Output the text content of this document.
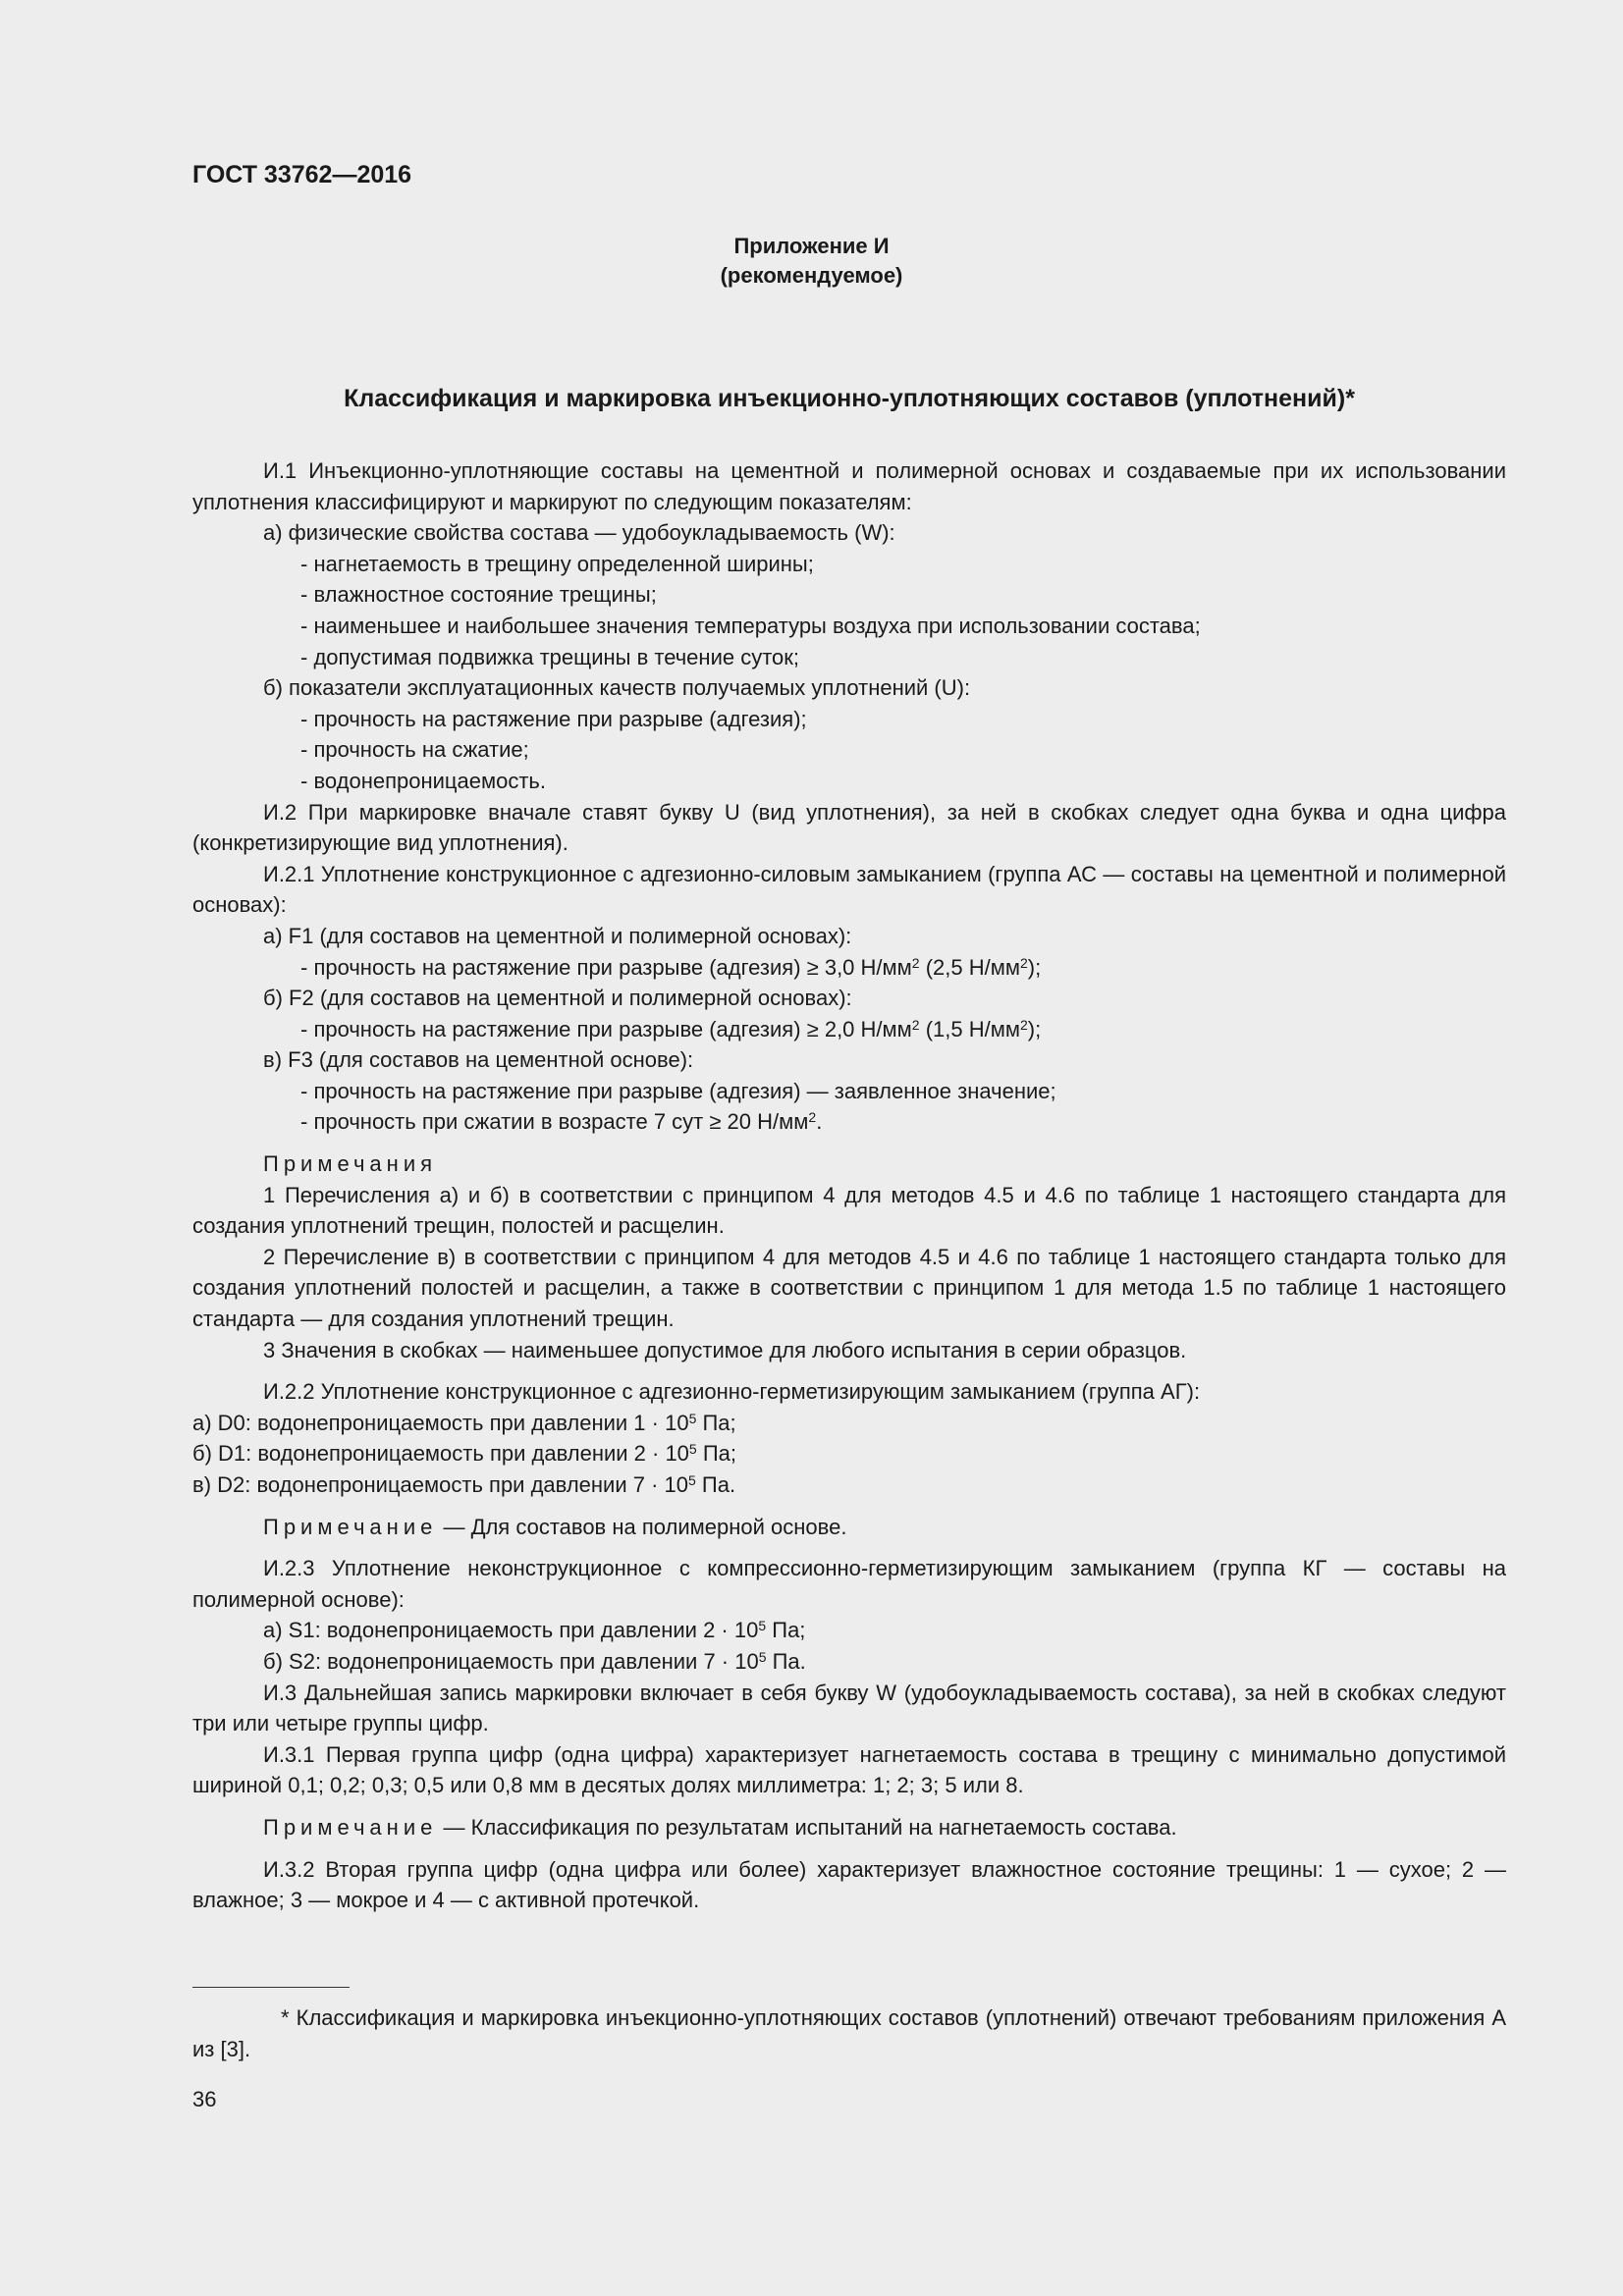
ГОСТ 33762—2016
Приложение И
(рекомендуемое)
Классификация и маркировка инъекционно-уплотняющих составов (уплотнений)*

И.1 Инъекционно-уплотняющие составы на цементной и полимерной основах и создаваемые при их использовании уплотнения классифицируют и маркируют по следующим показателям:

а) физические свойства состава — удобоукладываемость (W):

- нагнетаемость в трещину определенной ширины;

- влажностное состояние трещины;

- наименьшее и наибольшее значения температуры воздуха при использовании состава;

- допустимая подвижка трещины в течение суток;

б) показатели эксплуатационных качеств получаемых уплотнений (U):

- прочность на растяжение при разрыве (адгезия);

- прочность на сжатие;

- водонепроницаемость.

И.2 При маркировке вначале ставят букву U (вид уплотнения), за ней в скобках следует одна буква и одна цифра (конкретизирующие вид уплотнения).

И.2.1 Уплотнение конструкционное с адгезионно-силовым замыканием (группа АС — составы на цементной и полимерной основах):

а) F1 (для составов на цементной и полимерной основах):

- прочность на растяжение при разрыве (адгезия) ≥ 3,0 $Н/мм^2$ (2,5 $Н/мм^2$);

б) F2 (для составов на цементной и полимерной основах):

- прочность на растяжение при разрыве (адгезия) ≥ 2,0 $Н/мм^2$ (1,5 $Н/мм^2$);

в) F3 (для составов на цементной основе):

- прочность на растяжение при разрыве (адгезия) — заявленное значение;

- прочность при сжатии в возрасте 7 сут ≥ 20 $Н/мм^2$.

Примечания

1 Перечисления а) и б) в соответствии с принципом 4 для методов 4.5 и 4.6 по таблице 1 настоящего стандарта для создания уплотнений трещин, полостей и расщелин.

2 Перечисление в) в соответствии с принципом 4 для методов 4.5 и 4.6 по таблице 1 настоящего стандарта только для создания уплотнений полостей и расщелин, а также в соответствии с принципом 1 для метода 1.5 по таблице 1 настоящего стандарта — для создания уплотнений трещин.

3 Значения в скобках — наименьшее допустимое для любого испытания в серии образцов.

И.2.2 Уплотнение конструкционное с адгезионно-герметизирующим замыканием (группа АГ):

а) D0: водонепроницаемость при давлении $1 \cdot 10^5$ Па;

б) D1: водонепроницаемость при давлении $2 \cdot 10^5$ Па;

в) D2: водонепроницаемость при давлении $7 \cdot 10^5$ Па.

Примечание — Для составов на полимерной основе.

И.2.3 Уплотнение неконструкционное с компрессионно-герметизирующим замыканием (группа КГ — составы на полимерной основе):

а) S1: водонепроницаемость при давлении $2 \cdot 10^5$ Па;

б) S2: водонепроницаемость при давлении $7 \cdot 10^5$ Па.

И.3 Дальнейшая запись маркировки включает в себя букву W (удобоукладываемость состава), за ней в скобках следуют три или четыре группы цифр.

И.3.1 Первая группа цифр (одна цифра) характеризует нагнетаемость состава в трещину с минимально допустимой шириной 0,1; 0,2; 0,3; 0,5 или 0,8 мм в десятых долях миллиметра: 1; 2; 3; 5 или 8.

Примечание — Классификация по результатам испытаний на нагнетаемость состава.

И.3.2 Вторая группа цифр (одна цифра или более) характеризует влажностное состояние трещины: 1 — сухое; 2 — влажное; 3 — мокрое и 4 — с активной протечкой.

* Классификация и маркировка инъекционно-уплотняющих составов (уплотнений) отвечают требованиям приложения А из [3].

36
